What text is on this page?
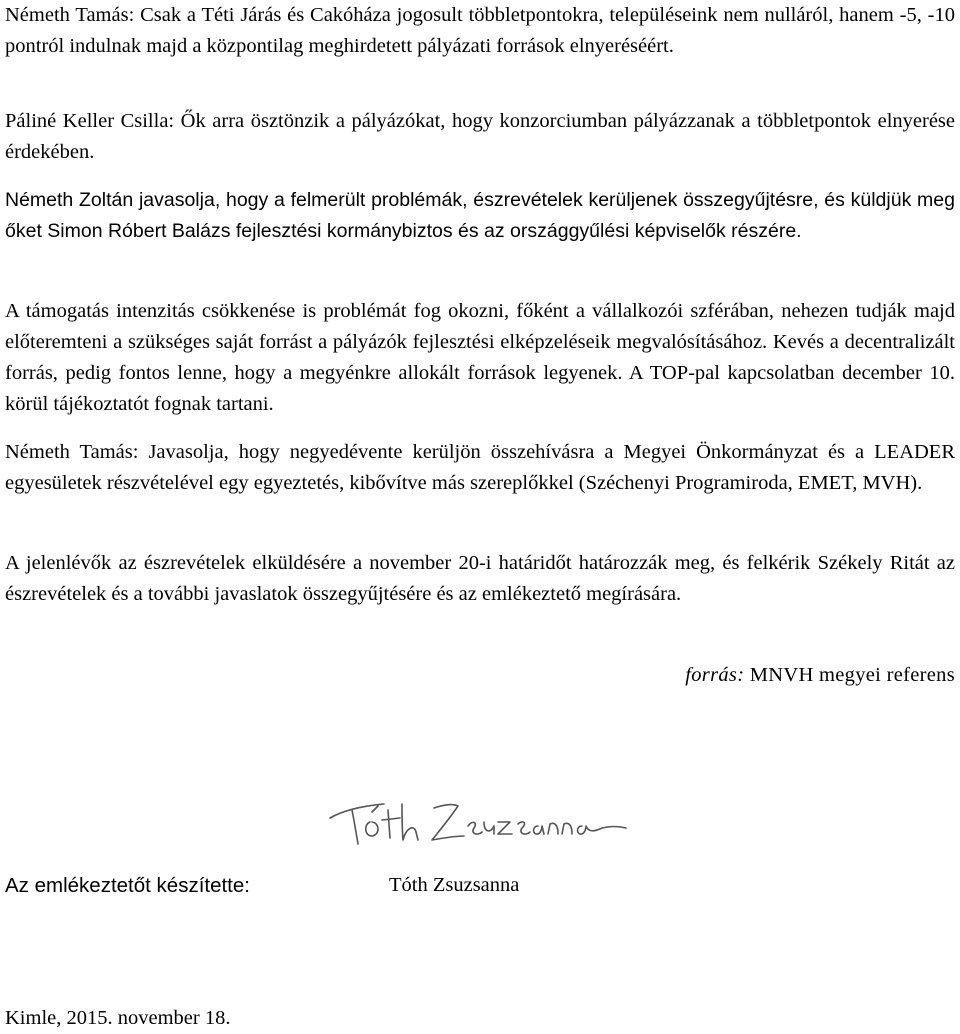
Németh Tamás: Csak a Téti Járás és Cakóháza jogosult többletpontokra, településeink nem nulláról, hanem -5, -10 pontról indulnak majd a központilag meghirdetett pályázati források elnyeréséért.

Páliné Keller Csilla: Ők arra ösztönzik a pályázókat, hogy konzorciumban pályázzanak a többletpontok elnyerése érdekében.

Németh Zoltán javasolja, hogy a felmerült problémák, észrevételek kerüljenek összegyűjtésre, és küldjük meg őket Simon Róbert Balázs fejlesztési kormánybiztos és az országgyűlési képviselők részére.

A támogatás intenzitás csökkenése is problémát fog okozni, főként a vállalkozói szférában, nehezen tudják majd előteremteni a szükséges saját forrást a pályázók fejlesztési elképzeléseik megvalósításához. Kevés a decentralizált forrás, pedig fontos lenne, hogy a megyénkre allokált források legyenek. A TOP-pal kapcsolatban december 10. körül tájékoztatót fognak tartani.

Németh Tamás: Javasolja, hogy negyedévente kerüljön összehívásra a Megyei Önkormányzat és a LEADER egyesületek részvételével egy egyeztetés, kibővítve más szereplőkkel (Széchenyi Programiroda, EMET, MVH).

A jelenlévők az észrevételek elküldésére a november 20-i határidőt határozzák meg, és felkérik Székely Ritát az észrevételek és a további javaslatok összegyűjtésére és az emlékeztető megírására.

forrás: MNVH megyei referens

Az emlékeztetőt készítette:	Tóth Zsuzsanna

Kimle, 2015. november 18.
